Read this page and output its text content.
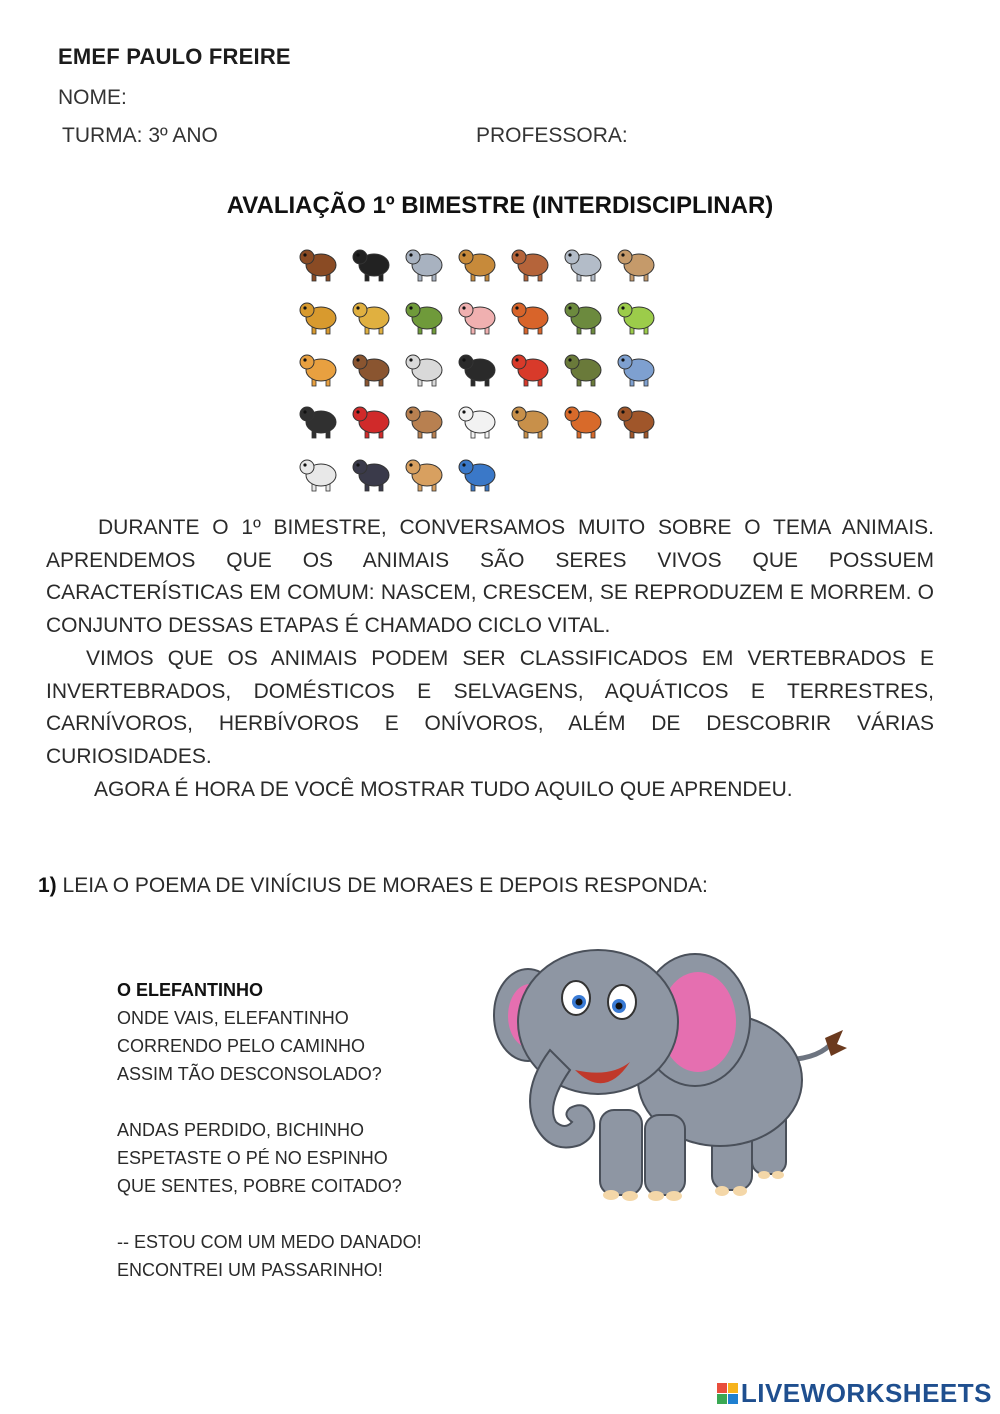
EMEF PAULO FREIRE
NOME:
TURMA: 3º ANO	PROFESSORA:
AVALIAÇÃO 1º BIMESTRE (INTERDISCIPLINAR)

DURANTE O 1º BIMESTRE, CONVERSAMOS MUITO SOBRE O TEMA ANIMAIS. APRENDEMOS QUE OS ANIMAIS SÃO SERES VIVOS QUE POSSUEM CARACTERÍSTICAS EM COMUM: NASCEM, CRESCEM, SE REPRODUZEM E MORREM. O CONJUNTO DESSAS ETAPAS É CHAMADO CICLO VITAL.

VIMOS QUE OS ANIMAIS PODEM SER CLASSIFICADOS EM VERTEBRADOS E INVERTEBRADOS, DOMÉSTICOS E SELVAGENS, AQUÁTICOS E TERRESTRES, CARNÍVOROS, HERBÍVOROS E ONÍVOROS, ALÉM DE DESCOBRIR VÁRIAS CURIOSIDADES.

AGORA É HORA DE VOCÊ MOSTRAR TUDO AQUILO QUE APRENDEU.

1) LEIA O POEMA DE VINÍCIUS DE MORAES E DEPOIS RESPONDA:
O ELEFANTINHO
ONDE VAIS, ELEFANTINHO
CORRENDO PELO CAMINHO
ASSIM TÃO DESCONSOLADO?
ANDAS PERDIDO, BICHINHO
ESPETASTE O PÉ NO ESPINHO
QUE SENTES, POBRE COITADO?
-- ESTOU COM UM MEDO DANADO!
ENCONTREI UM PASSARINHO!
LIVEWORKSHEETS
